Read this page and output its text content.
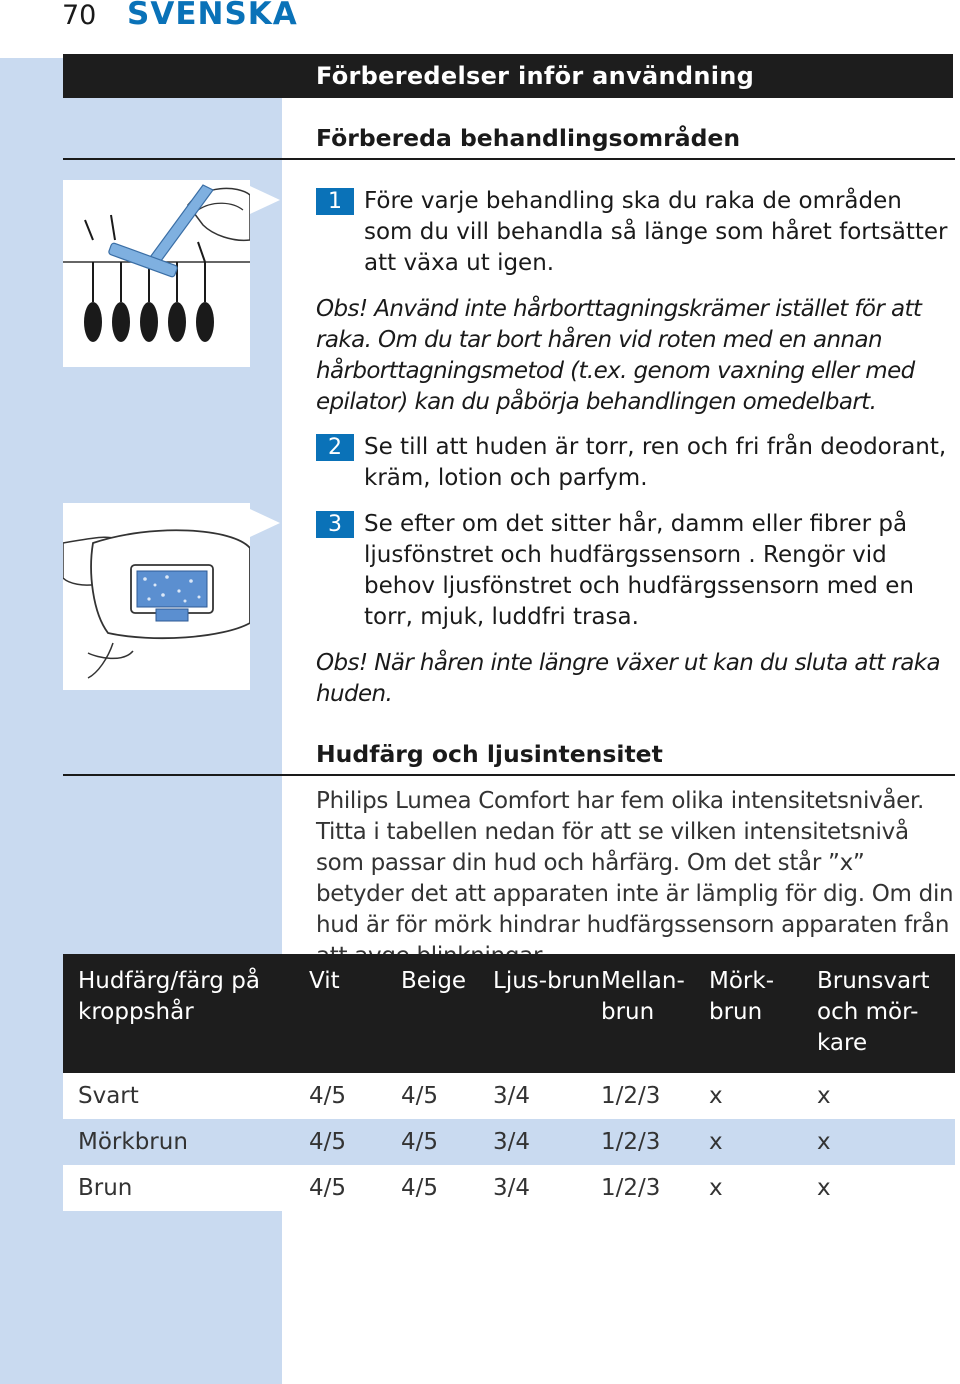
70 SVENSKA
Förberedelser inför användning
Förbereda behandlingsområden
1 Före varje behandling ska du raka de områden som du vill behandla så länge som håret fortsätter att växa ut igen.
Obs! Använd inte hårborttagningskrämer istället för att raka. Om du tar bort håren vid roten med en annan hårborttagningsmetod (t.ex. genom vaxning eller med epilator) kan du påbörja behandlingen omedelbart.
2 Se till att huden är torr, ren och fri från deodorant, kräm, lotion och parfym.
3 Se efter om det sitter hår, damm eller fibrer på ljusfönstret och hudfärgssensorn . Rengör vid behov ljusfönstret och hudfärgssensorn med en torr, mjuk, luddfri trasa.
Obs! När håren inte längre växer ut kan du sluta att raka huden.
Hudfärg och ljusintensitet
Philips Lumea Comfort har fem olika intensitetsnivåer. Titta i tabellen nedan för att se vilken intensitetsnivå som passar din hud och hårfärg. Om det står ”x” betyder det att apparaten inte är lämplig för dig. Om din hud är för mörk hindrar hudfärgssensorn apparaten från att avge blinkningar.
Hudfärg/färg på kroppshår	Vit	Beige	Ljus-brun	Mellan-brun	Mörk-brun	Brunsvart och mör-kare
Svart	4/5	4/5	3/4	1/2/3	x	x
Mörkbrun	4/5	4/5	3/4	1/2/3	x	x
Brun	4/5	4/5	3/4	1/2/3	x	x
